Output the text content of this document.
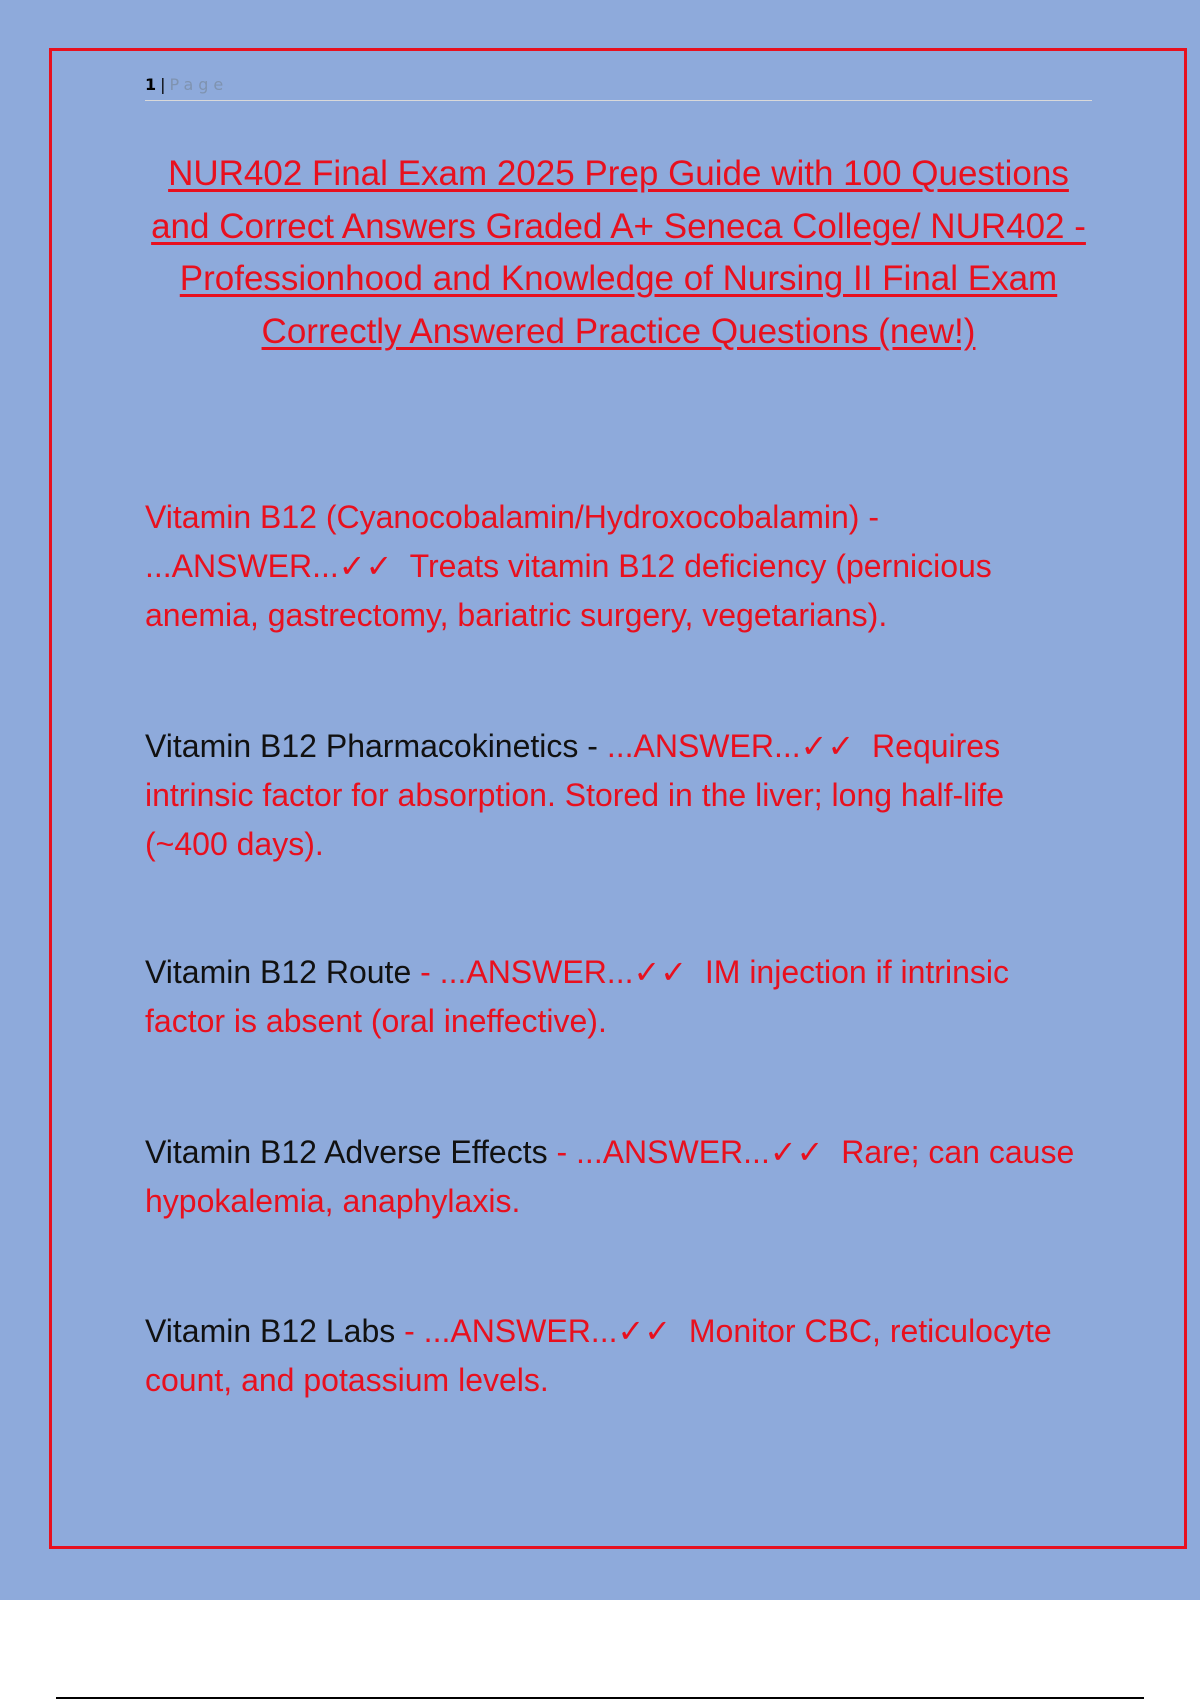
1 | Page
NUR402 Final Exam 2025 Prep Guide with 100 Questions and Correct Answers Graded A+ Seneca College/ NUR402 - Professionhood and Knowledge of Nursing II Final Exam Correctly Answered Practice Questions (new!)

Vitamin B12 (Cyanocobalamin/Hydroxocobalamin) - ...ANSWER...✓✓ Treats vitamin B12 deficiency (pernicious anemia, gastrectomy, bariatric surgery, vegetarians).

Vitamin B12 Pharmacokinetics - ...ANSWER...✓✓ Requires intrinsic factor for absorption. Stored in the liver; long half-life (~400 days).

Vitamin B12 Route - ...ANSWER...✓✓ IM injection if intrinsic factor is absent (oral ineffective).

Vitamin B12 Adverse Effects - ...ANSWER...✓✓ Rare; can cause hypokalemia, anaphylaxis.

Vitamin B12 Labs - ...ANSWER...✓✓ Monitor CBC, reticulocyte count, and potassium levels.
